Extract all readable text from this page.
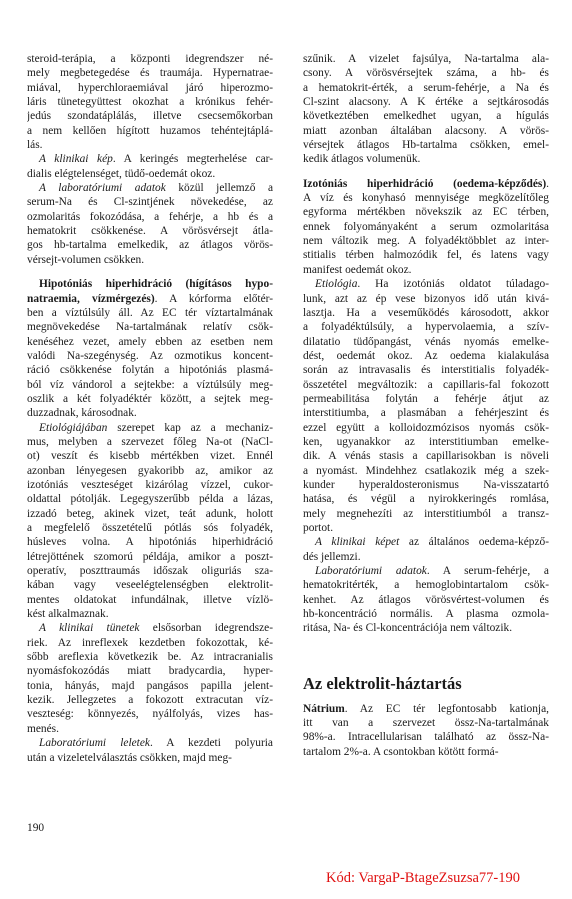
steroid-terápia, a központi idegrendszer né-
mely megbetegedése és traumája. Hypernatrae-
miával, hyperchloraemiával járó hiperozmo-
láris tünetegyüttest okozhat a krónikus fehér-
jedús szondatáplálás, illetve csecsemőkorban
a nem kellően hígított huzamos tehéntejtáplá-
lás.
A klinikai kép. A keringés megterhelése car-
dialis elégtelenséget, tüdő-oedemát okoz.
A laboratóriumi adatok közül jellemző a
serum-Na és Cl-szintjének növekedése, az
ozmolaritás fokozódása, a fehérje, a hb és a
hematokrit csökkenése. A vörösvérsejt átla-
gos hb-tartalma emelkedik, az átlagos vörös-
vérsejt-volumen csökken.
Hipotóniás hiperhidráció (hígításos hypo-
natraemia, vízmérgezés). A kórforma előtér-
ben a víztúlsúly áll. Az EC tér víztartalmának
megnövekedése Na-tartalmának relatív csök-
kenéséhez vezet, amely ebben az esetben nem
valódi Na-szegénység. Az ozmotikus koncent-
ráció csökkenése folytán a hipotóniás plasmá-
ból víz vándorol a sejtekbe: a víztúlsúly meg-
oszlik a két folyadéktér között, a sejtek meg-
duzzadnak, károsodnak.
Etiológiájában szerepet kap az a mechaniz-
mus, melyben a szervezet főleg Na-ot (NaCl-
ot) veszít és kisebb mértékben vizet. Ennél
azonban lényegesen gyakoribb az, amikor az
izotóniás veszteséget kizárólag vízzel, cukor-
oldattal pótolják. Legegyszerűbb példa a lázas,
izzadó beteg, akinek vizet, teát adunk, holott
a megfelelő összetételű pótlás sós folyadék,
húsleves volna. A hipotóniás hiperhidráció
létrejöttének szomorú példája, amikor a poszt-
operatív, poszttraumás időszak oliguriás sza-
kában vagy veseelégtelenségben elektrolit-
mentes oldatokat infundálnak, illetve vízlö-
kést alkalmaznak.
A klinikai tünetek elsősorban idegrendsze-
riek. Az inreflexek kezdetben fokozottak, ké-
sőbb areflexia következik be. Az intracranialis
nyomásfokozódás miatt bradycardia, hyper-
tonia, hányás, majd pangásos papilla jelent-
kezik. Jellegzetes a fokozott extracutan víz-
veszteség: könnyezés, nyálfolyás, vizes has-
menés.
Laboratóriumi leletek. A kezdeti polyuria
után a vizeletelválasztás csökken, majd meg-
szűnik. A vizelet fajsúlya, Na-tartalma ala-
csony. A vörösvérsejtek száma, a hb- és
a hematokrit-érték, a serum-fehérje, a Na és
Cl-szint alacsony. A K értéke a sejtkárosodás
következtében emelkedhet ugyan, a hígulás
miatt azonban általában alacsony. A vörös-
vérsejtek átlagos Hb-tartalma csökken, emel-
kedik átlagos volumenük.
Izotóniás hiperhidráció (oedema-képződés).
A víz és konyhasó mennyisége megközelítőleg
egyforma mértékben növekszik az EC térben,
ennek folyományaként a serum ozmolaritása
nem változik meg. A folyadéktöbblet az inter-
stitialis térben halmozódik fel, és latens vagy
manifest oedemát okoz.
Etiológia. Ha izotóniás oldatot túladago-
lunk, azt az ép vese bizonyos idő után kivá-
lasztja. Ha a veseműködés károsodott, akkor
a folyadéktúlsúly, a hypervolaemia, a szív-
dilatatio tüdőpangást, vénás nyomás emelke-
dést, oedemát okoz. Az oedema kialakulása
során az intravasalis és interstitialis folyadék-
összetétel megváltozik: a capillaris-fal fokozott
permeabilitása folytán a fehérje átjut az
interstitiumba, a plasmában a fehérjeszint és
ezzel együtt a kolloidozmózisos nyomás csök-
ken, ugyanakkor az interstitiumban emelke-
dik. A vénás stasis a capillarisokban is növeli
a nyomást. Mindehhez csatlakozik még a szek-
kunder hyperaldosteronismus Na-visszatartó
hatása, és végül a nyirokkeringés romlása,
mely megnehezíti az interstitiumból a transz-
portot.
A klinikai képet az általános oedema-képző-
dés jellemzi.
Laboratóriumi adatok. A serum-fehérje, a
hematokritérték, a hemoglobintartalom csök-
kenhet. Az átlagos vörösvértest-volumen és
hb-koncentráció normális. A plasma ozmola-
ritása, Na- és Cl-koncentrációja nem változik.
Az elektrolit-háztartás
Nátrium. Az EC tér legfontosabb kationja,
itt van a szervezet össz-Na-tartalmának
98%-a. Intracellularisan található az össz-Na-
tartalom 2%-a. A csontokban kötött formá-
190
Kód: VargaP-BtageZsuzsa77-190
